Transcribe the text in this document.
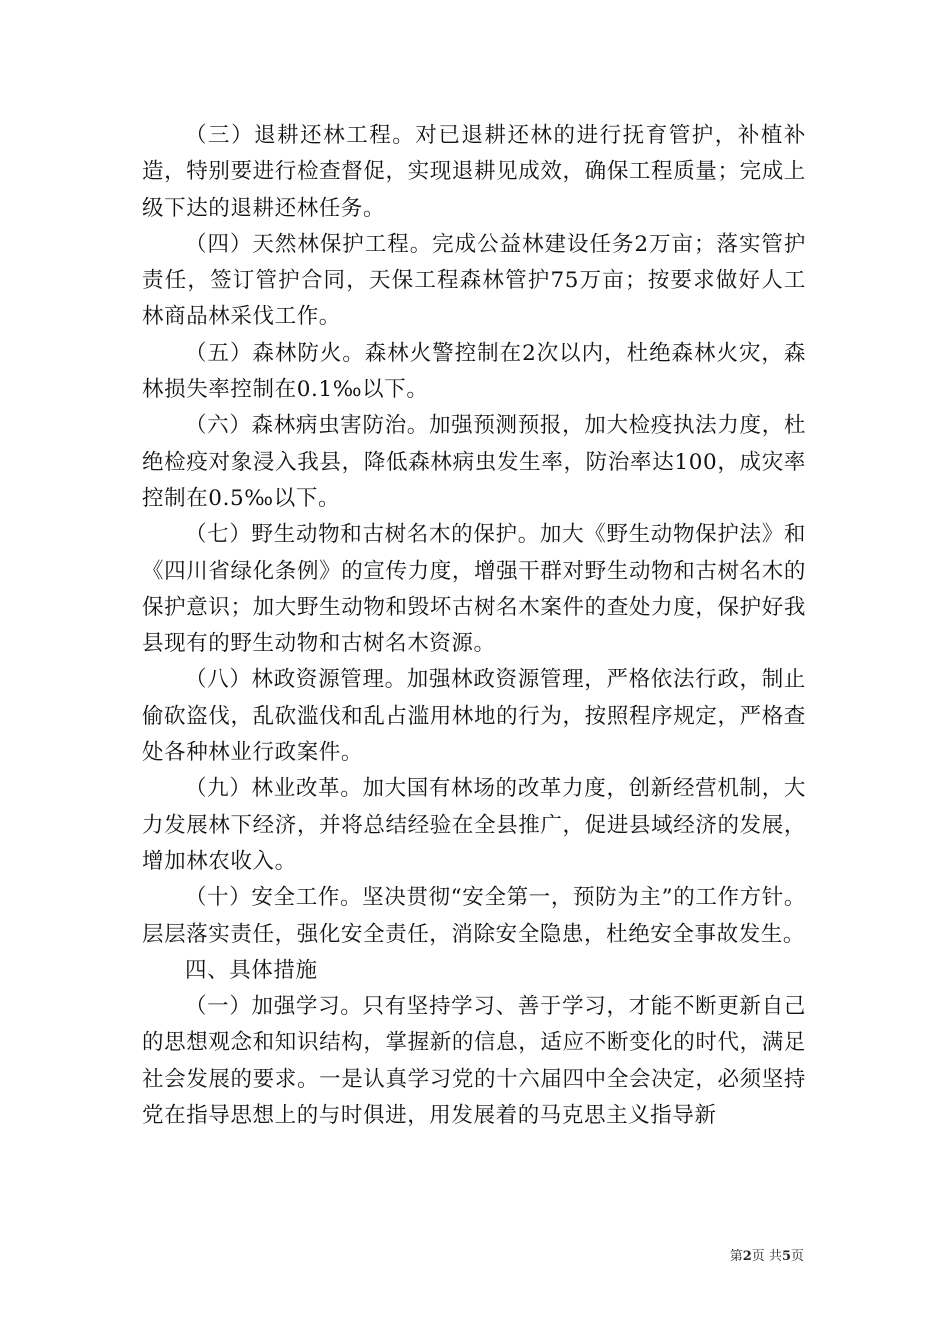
（三）退耕还林工程。对已退耕还林的进行抚育管护，补植补造，特别要进行检查督促，实现退耕见成效，确保工程质量；完成上级下达的退耕还林任务。

（四）天然林保护工程。完成公益林建设任务2万亩；落实管护责任，签订管护合同，天保工程森林管护75万亩；按要求做好人工林商品林采伐工作。

（五）森林防火。森林火警控制在2次以内，杜绝森林火灾，森林损失率控制在0.1‰以下。

（六）森林病虫害防治。加强预测预报，加大检疫执法力度，杜绝检疫对象浸入我县，降低森林病虫发生率，防治率达100，成灾率控制在0.5‰以下。

（七）野生动物和古树名木的保护。加大《野生动物保护法》和《四川省绿化条例》的宣传力度，增强干群对野生动物和古树名木的保护意识；加大野生动物和毁坏古树名木案件的查处力度，保护好我县现有的野生动物和古树名木资源。

（八）林政资源管理。加强林政资源管理，严格依法行政，制止偷砍盗伐，乱砍滥伐和乱占滥用林地的行为，按照程序规定，严格查处各种林业行政案件。

（九）林业改革。加大国有林场的改革力度，创新经营机制，大力发展林下经济，并将总结经验在全县推广，促进县域经济的发展，增加林农收入。

（十）安全工作。坚决贯彻“安全第一，预防为主”的工作方针。层层落实责任，强化安全责任，消除安全隐患，杜绝安全事故发生。

四、具体措施

（一）加强学习。只有坚持学习、善于学习，才能不断更新自己的思想观念和知识结构，掌握新的信息，适应不断变化的时代，满足社会发展的要求。一是认真学习党的十六届四中全会决定，必须坚持党在指导思想上的与时俱进，用发展着的马克思主义指导新

第2页 共5页
